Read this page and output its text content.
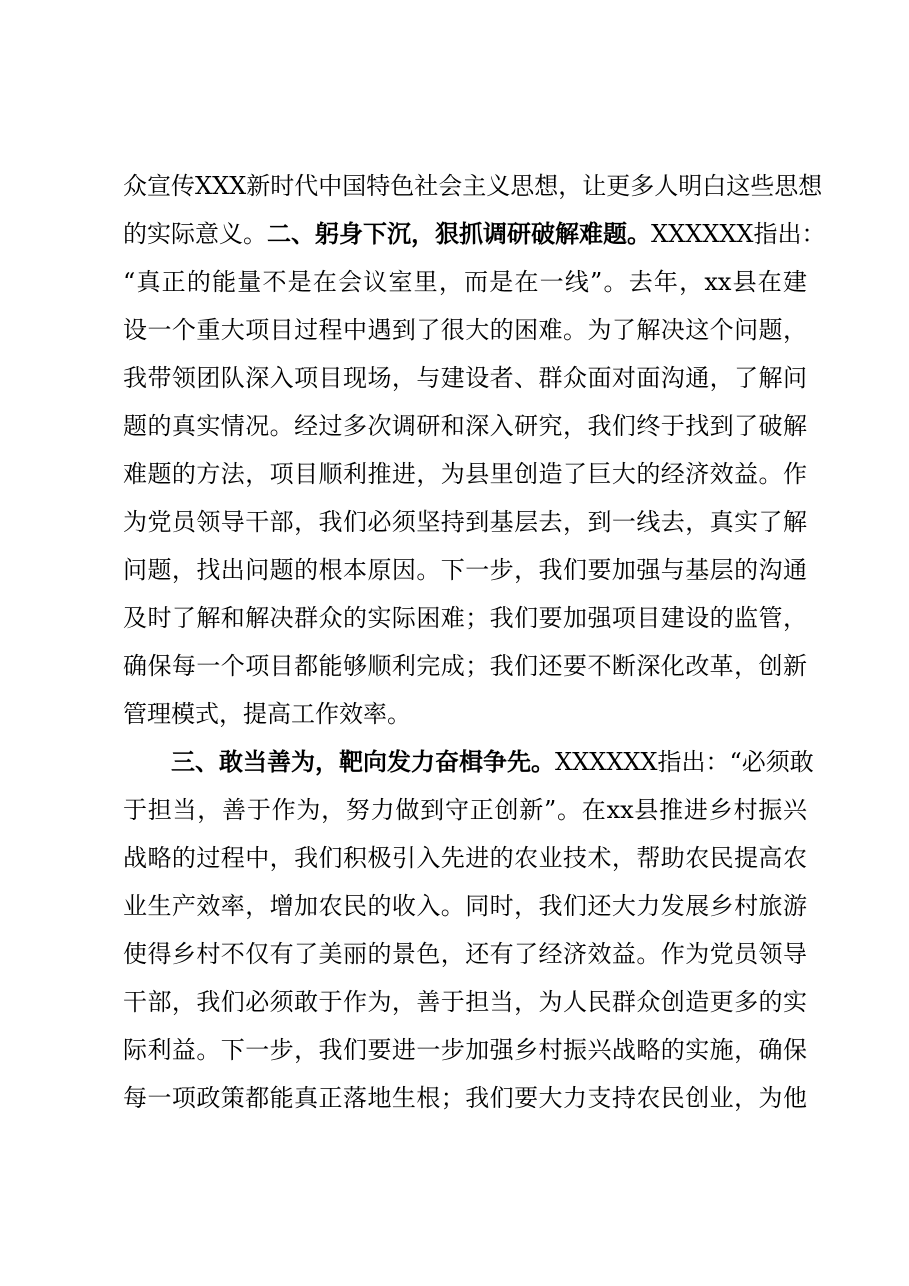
众宣传XXX新时代中国特色社会主义思想，让更多人明白这些思想
的实际意义。二、躬身下沉，狠抓调研破解难题。XXXXXX指出：
“真正的能量不是在会议室里，而是在一线”。去年，xx县在建
设一个重大项目过程中遇到了很大的困难。为了解决这个问题，
我带领团队深入项目现场，与建设者、群众面对面沟通，了解问
题的真实情况。经过多次调研和深入研究，我们终于找到了破解
难题的方法，项目顺利推进，为县里创造了巨大的经济效益。作
为党员领导干部，我们必须坚持到基层去，到一线去，真实了解
问题，找出问题的根本原因。下一步，我们要加强与基层的沟通
及时了解和解决群众的实际困难；我们要加强项目建设的监管，
确保每一个项目都能够顺利完成；我们还要不断深化改革，创新
管理模式，提高工作效率。
三、敢当善为，靶向发力奋楫争先。XXXXXX指出：“必须敢
于担当，善于作为，努力做到守正创新”。在xx县推进乡村振兴
战略的过程中，我们积极引入先进的农业技术，帮助农民提高农
业生产效率，增加农民的收入。同时，我们还大力发展乡村旅游
使得乡村不仅有了美丽的景色，还有了经济效益。作为党员领导
干部，我们必须敢于作为，善于担当，为人民群众创造更多的实
际利益。下一步，我们要进一步加强乡村振兴战略的实施，确保
每一项政策都能真正落地生根；我们要大力支持农民创业，为他
